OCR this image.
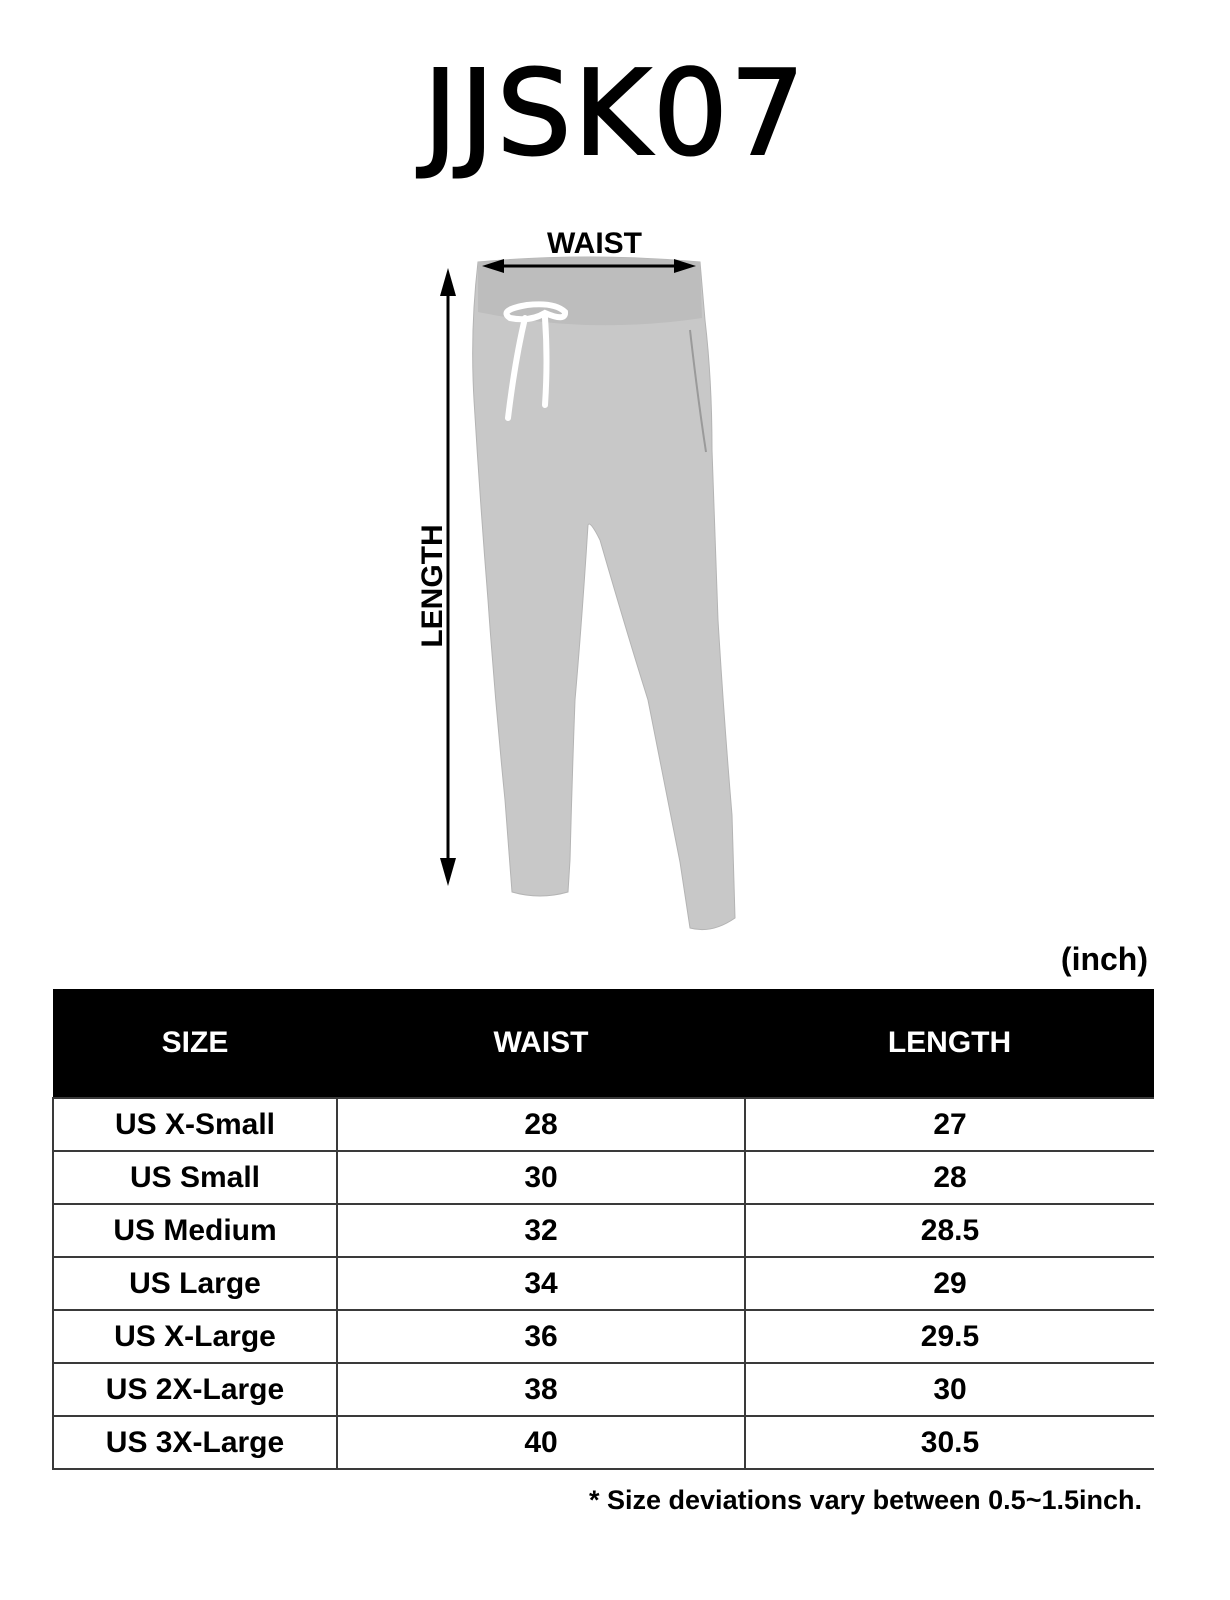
JJSK07
WAIST
LENGTH
(inch)
SIZE	WAIST	LENGTH
US X-Small	28	27
US Small	30	28
US Medium	32	28.5
US Large	34	29
US X-Large	36	29.5
US 2X-Large	38	30
US 3X-Large	40	30.5
* Size deviations vary between 0.5~1.5inch.
